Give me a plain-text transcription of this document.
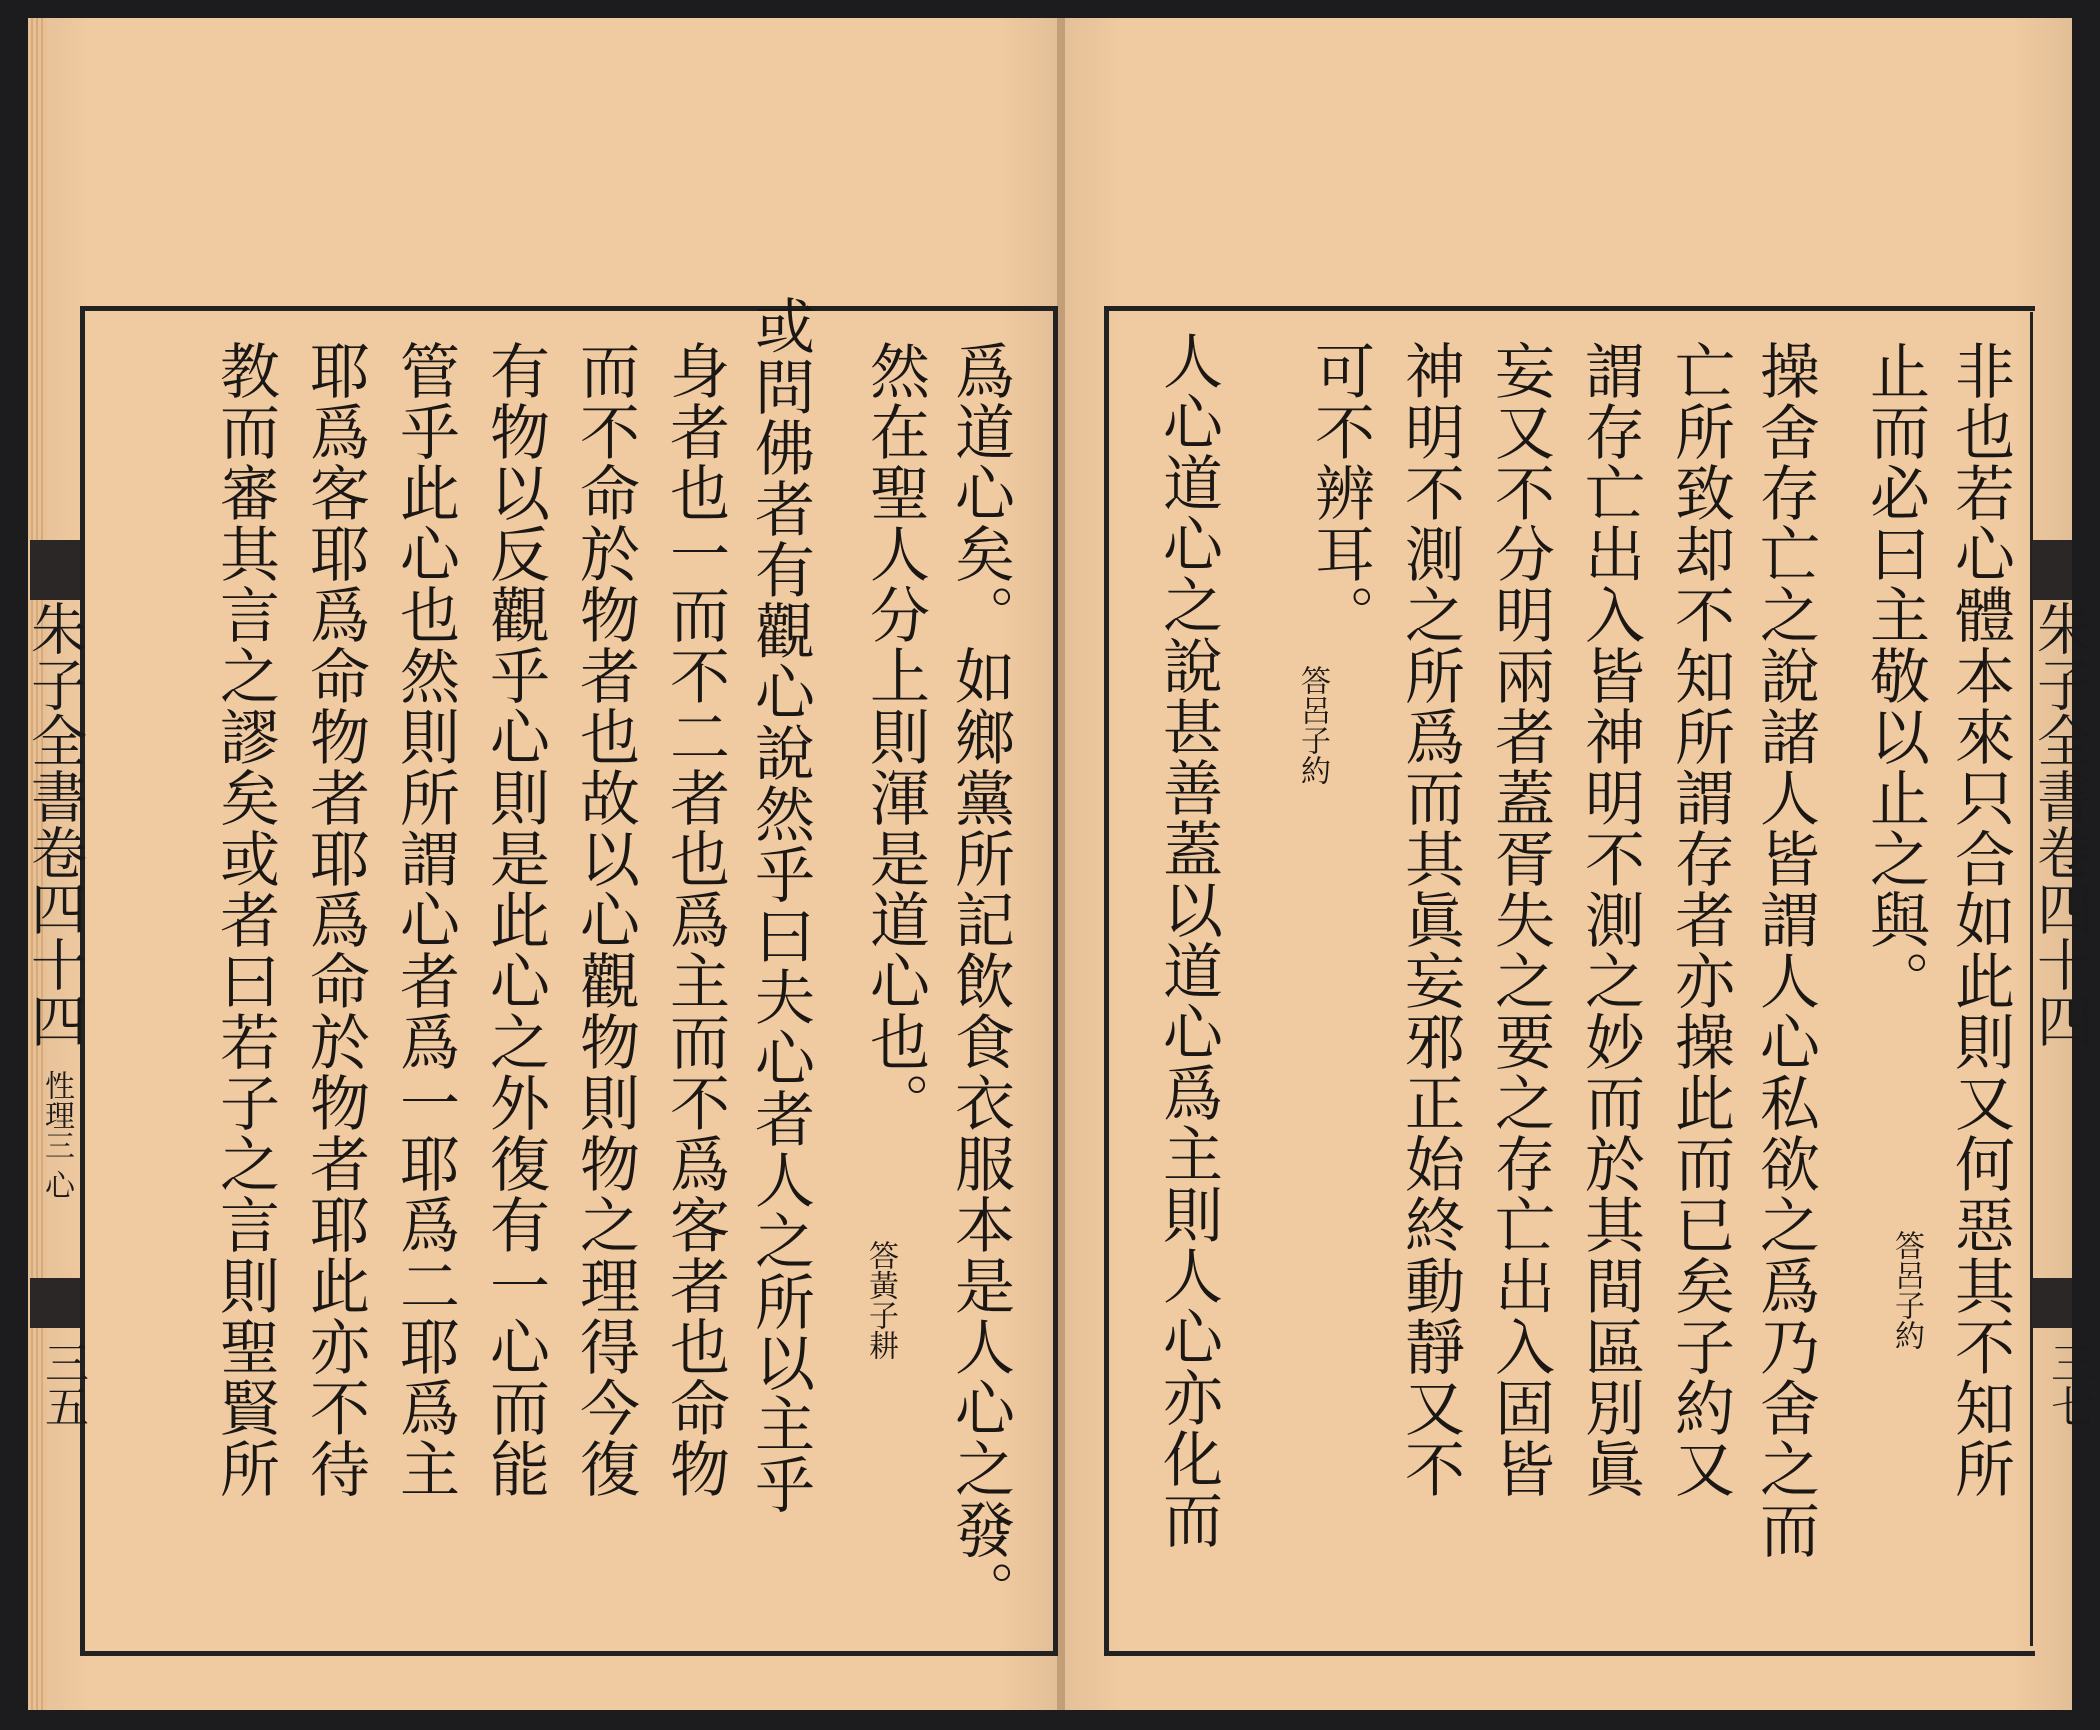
朱子全書卷四十四
性理三 心
三五	爲道心矣。如鄉黨所記飲食衣服本是人心之發。
然在聖人分上則渾是道心也。
答黃子耕
或問佛者有觀心說然乎曰夫心者人之所以主乎
身者也一而不二者也爲主而不爲客者也命物
而不命於物者也故以心觀物則物之理得今復
有物以反觀乎心則是此心之外復有一心而能
管乎此心也然則所謂心者爲一耶爲二耶爲主
耶爲客耶爲命物者耶爲命於物者耶此亦不待
教而審其言之謬矣或者曰若子之言則聖賢所	朱子全書卷四十四
三七
非也若心體本來只合如此則又何惡其不知所
止而必曰主敬以止之與。
答呂子約
操舍存亡之說諸人皆謂人心私欲之爲乃舍之而
亡所致却不知所謂存者亦操此而已矣子約又
謂存亡出入皆神明不測之妙而於其間區別眞
妄又不分明兩者蓋胥失之要之存亡出入固皆
神明不測之所爲而其眞妄邪正始終動靜又不
可不辨耳。
答呂子約
人心道心之說甚善蓋以道心爲主則人心亦化而
